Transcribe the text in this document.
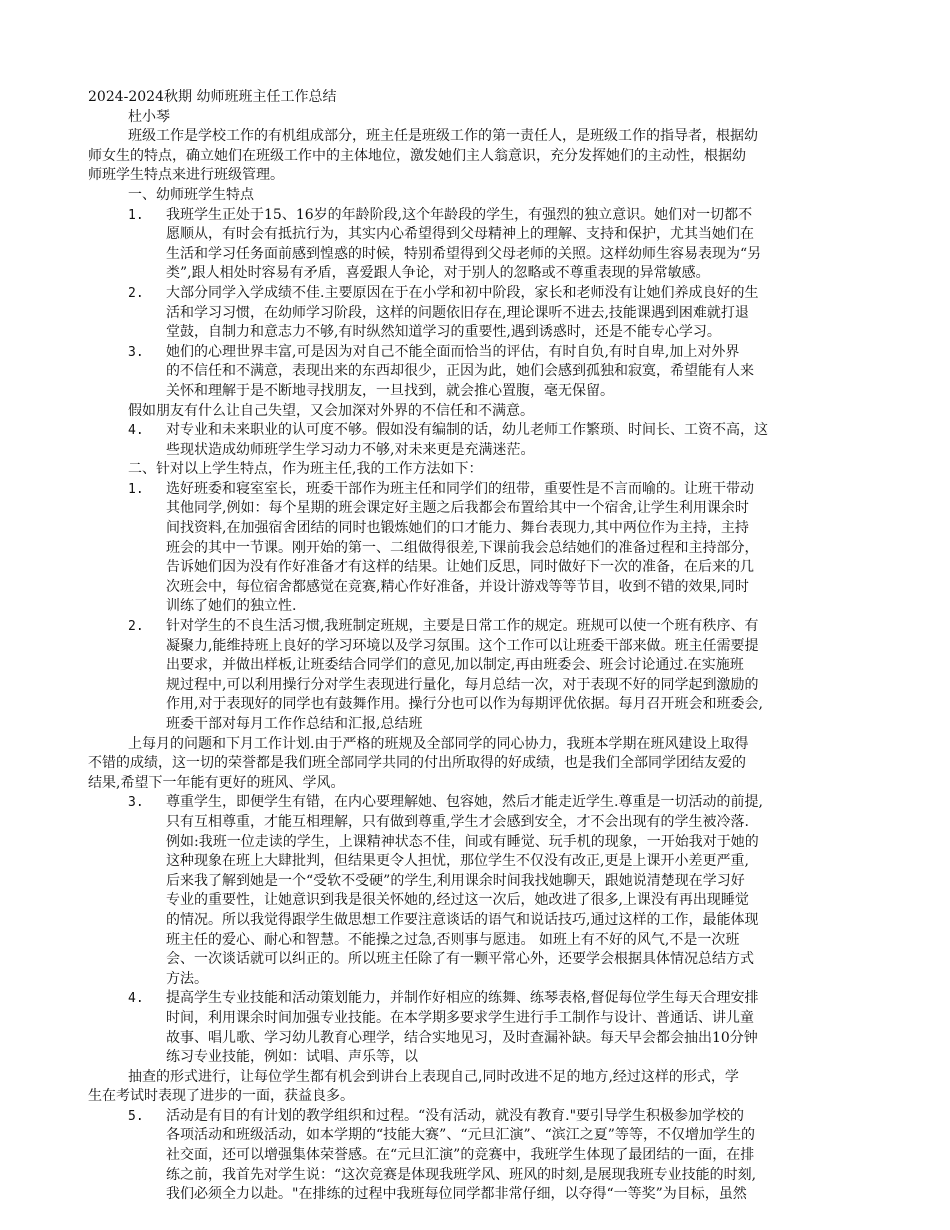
2024-2024秋期 幼师班班主任工作总结
杜小琴
班级工作是学校工作的有机组成部分，班主任是班级工作的第一责任人，是班级工作的指导者，根据幼
师女生的特点，确立她们在班级工作中的主体地位，激发她们主人翁意识，充分发挥她们的主动性，根据幼
师班学生特点来进行班级管理。
一、幼师班学生特点
1. 我班学生正处于15、16岁的年龄阶段,这个年龄段的学生，有强烈的独立意识。她们对一切都不
愿顺从，有时会有抵抗行为，其实内心希望得到父母精神上的理解、支持和保护，尤其当她们在
生活和学习任务面前感到惶惑的时候，特别希望得到父母老师的关照。这样幼师生容易表现为“另
类”,跟人相处时容易有矛盾，喜爱跟人争论，对于别人的忽略或不尊重表现的异常敏感。
2. 大部分同学入学成绩不佳.主要原因在于在小学和初中阶段，家长和老师没有让她们养成良好的生
活和学习习惯，在幼师学习阶段，这样的问题依旧存在,理论课听不进去,技能课遇到困难就打退
堂鼓，自制力和意志力不够,有时纵然知道学习的重要性,遇到诱惑时，还是不能专心学习。
3. 她们的心理世界丰富,可是因为对自己不能全面而恰当的评估，有时自负,有时自卑,加上对外界
的不信任和不满意，表现出来的东西却很少，正因为此，她们会感到孤独和寂寞，希望能有人来
关怀和理解于是不断地寻找朋友，一旦找到，就会推心置腹，毫无保留。
假如朋友有什么让自己失望，又会加深对外界的不信任和不满意。
4. 对专业和未来职业的认可度不够。假如没有编制的话，幼儿老师工作繁琐、时间长、工资不高，这
些现状造成幼师班学生学习动力不够,对未来更是充满迷茫。
二、针对以上学生特点，作为班主任,我的工作方法如下：
1. 选好班委和寝室室长，班委干部作为班主任和同学们的纽带，重要性是不言而喻的。让班干带动
其他同学,例如：每个星期的班会课定好主题之后我都会布置给其中一个宿舍,让学生利用课余时
间找资料,在加强宿舍团结的同时也锻炼她们的口才能力、舞台表现力,其中两位作为主持，主持
班会的其中一节课。刚开始的第一、二组做得很差,下课前我会总结她们的准备过程和主持部分，
告诉她们因为没有作好准备才有这样的结果。让她们反思，同时做好下一次的准备，在后来的几
次班会中，每位宿舍都感觉在竞赛,精心作好准备，并设计游戏等等节目，收到不错的效果,同时
训练了她们的独立性.
2. 针对学生的不良生活习惯,我班制定班规，主要是日常工作的规定。班规可以使一个班有秩序、有
凝聚力,能维持班上良好的学习环境以及学习氛围。这个工作可以让班委干部来做。班主任需要提
出要求，并做出样板,让班委结合同学们的意见,加以制定,再由班委会、班会讨论通过.在实施班
规过程中,可以利用操行分对学生表现进行量化，每月总结一次，对于表现不好的同学起到激励的
作用,对于表现好的同学也有鼓舞作用。操行分也可以作为每期评优依据。每月召开班会和班委会,
班委干部对每月工作作总结和汇报,总结班
上每月的问题和下月工作计划.由于严格的班规及全部同学的同心协力，我班本学期在班风建设上取得
不错的成绩，这一切的荣誉都是我们班全部同学共同的付出所取得的好成绩，也是我们全部同学团结友爱的
结果,希望下一年能有更好的班风、学风。
3. 尊重学生，即便学生有错，在内心要理解她、包容她，然后才能走近学生.尊重是一切活动的前提,
只有互相尊重，才能互相理解，只有做到尊重,学生才会感到安全，才不会出现有的学生被冷落.
例如:我班一位走读的学生，上课精神状态不佳，间或有睡觉、玩手机的现象，一开始我对于她的
这种现象在班上大肆批判，但结果更令人担忧，那位学生不仅没有改正,更是上课开小差更严重,
后来我了解到她是一个“受软不受硬”的学生,利用课余时间我找她聊天，跟她说清楚现在学习好
专业的重要性，让她意识到我是很关怀她的,经过这一次后，她改进了很多,上课没有再出现睡觉
的情况。所以我觉得跟学生做思想工作要注意谈话的语气和说话技巧,通过这样的工作，最能体现
班主任的爱心、耐心和智慧。不能操之过急,否则事与愿违。 如班上有不好的风气,不是一次班
会、一次谈话就可以纠正的。所以班主任除了有一颗平常心外，还要学会根据具体情况总结方式
方法。
4. 提高学生专业技能和活动策划能力，并制作好相应的练舞、练琴表格,督促每位学生每天合理安排
时间，利用课余时间加强专业技能。在本学期多要求学生进行手工制作与设计、普通话、讲儿童
故事、唱儿歌、学习幼儿教育心理学，结合实地见习，及时查漏补缺。每天早会都会抽出10分钟
练习专业技能，例如：试唱、声乐等，以
抽查的形式进行，让每位学生都有机会到讲台上表现自己,同时改进不足的地方,经过这样的形式，学
生在考试时表现了进步的一面，获益良多。
5. 活动是有目的有计划的教学组织和过程。“没有活动，就没有教育."要引导学生积极参加学校的
各项活动和班级活动，如本学期的“技能大赛”、“元旦汇演”、“滨江之夏”等等，不仅增加学生的
社交面，还可以增强集体荣誉感。在“元旦汇演”的竞赛中，我班学生体现了最团结的一面，在排
练之前，我首先对学生说：“这次竞赛是体现我班学风、班风的时刻,是展现我班专业技能的时刻,
我们必须全力以赴。"在排练的过程中我班每位同学都非常仔细，以夺得“一等奖”为目标，虽然
